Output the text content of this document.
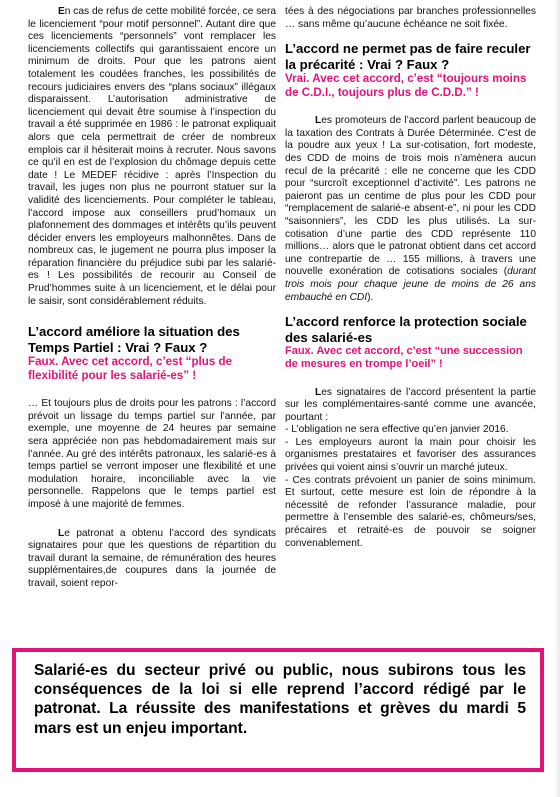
En cas de refus de cette mobilité forcée, ce sera le licenciement “pour motif personnel”. Autant dire que ces licenciements “personnels” vont remplacer les licenciements collectifs qui garantissaient encore un minimum de droits. Pour que les patrons aient totalement les coudées franches, les possibilités de recours judiciaires envers des “plans sociaux” illégaux disparaissent. L’autorisation administrative de licenciement qui devait être soumise à l’inspection du travail a été supprimée en 1986 : le patronat expliquait alors que cela permettrait de créer de nombreux emplois car il hésiterait moins à recruter. Nous savons ce qu’il en est de l’explosion du chômage depuis cette date ! Le MEDEF récidive : après l’Inspection du travail, les juges non plus ne pourront statuer sur la validité des licenciements. Pour compléter le tableau, l’accord impose aux conseillers prud’homaux un plafonnement des dommages et intérêts qu’ils peuvent décider envers les employeurs malhonnêtes. Dans de nombreux cas, le jugement ne pourra plus imposer la réparation financière du préjudice subi par les salarié-es ! Les possibilités de recourir au Conseil de Prud’hommes suite à un licenciement, et le délai pour le saisir, sont considérablement réduits.

L’accord améliore la situation des Temps Partiel : Vrai ? Faux ?
Faux. Avec cet accord, c’est “plus de flexibilité pour les salarié-es” !

… Et toujours plus de droits pour les patrons : l’accord prévoit un lissage du temps partiel sur l’année, par exemple, une moyenne de 24 heures par semaine sera appréciée non pas hebdomadairement mais sur l’année. Au gré des intérêts patronaux, les salarié-es à temps partiel se verront imposer une flexibilité et une modulation horaire, inconciliable avec la vie personnelle. Rappelons que le temps partiel est imposé à une majorité de femmes.

Le patronat a obtenu l’accord des syndicats signataires pour que les questions de répartition du travail durant la semaine, de rémunération des heures supplémentaires,de coupures dans la journée de travail, soient repor-

tées à des négociations par branches professionnelles … sans même qu’aucune échéance ne soit fixée.

L’accord ne permet pas de faire reculer la précarité : Vrai ? Faux ?
Vrai. Avec cet accord, c’est “toujours moins de C.D.I., toujours plus de C.D.D.” !

Les promoteurs de l’accord parlent beaucoup de la taxation des Contrats à Durée Déterminée. C’est de la poudre aux yeux ! La sur-cotisation, fort modeste, des CDD de moins de trois mois n’amènera aucun recul de la précarité : elle ne concerne que les CDD pour “surcroît exceptionnel d’activité”. Les patrons ne paieront pas un centime de plus pour les CDD pour “remplacement de salarié-e absent-e”, ni pour les CDD “saisonniers”, les CDD les plus utilisés. La sur-cotisation d’une partie des CDD représente 110 millions… alors que le patronat obtient dans cet accord une contrepartie de … 155 millions, à travers une nouvelle exonération de cotisations sociales (durant trois mois pour chaque jeune de moins de 26 ans embauché en CDI).

L’accord renforce la protection sociale des salarié-es
Faux. Avec cet accord, c’est “une succession de mesures en trompe l’oeil” !

Les signataires de l’accord présentent la partie sur les complémentaires-santé comme une avancée, pourtant :

- L’obligation ne sera effective qu’en janvier 2016.

- Les employeurs auront la main pour choisir les organismes prestataires et favoriser des assurances privées qui voient ainsi s’ouvrir un marché juteux.

- Ces contrats prévoient un panier de soins minimum. Et surtout, cette mesure est loin de répondre à la nécessité de refonder l’assurance maladie, pour permettre à l’ensemble des salarié-es, chômeurs/ses, précaires et retraité-es de pouvoir se soigner convenablement.

Salarié-es du secteur privé ou public, nous subirons tous les conséquences de la loi si elle reprend l’accord rédigé par le patronat. La réussite des manifestations et grèves du mardi 5 mars est un enjeu important.
